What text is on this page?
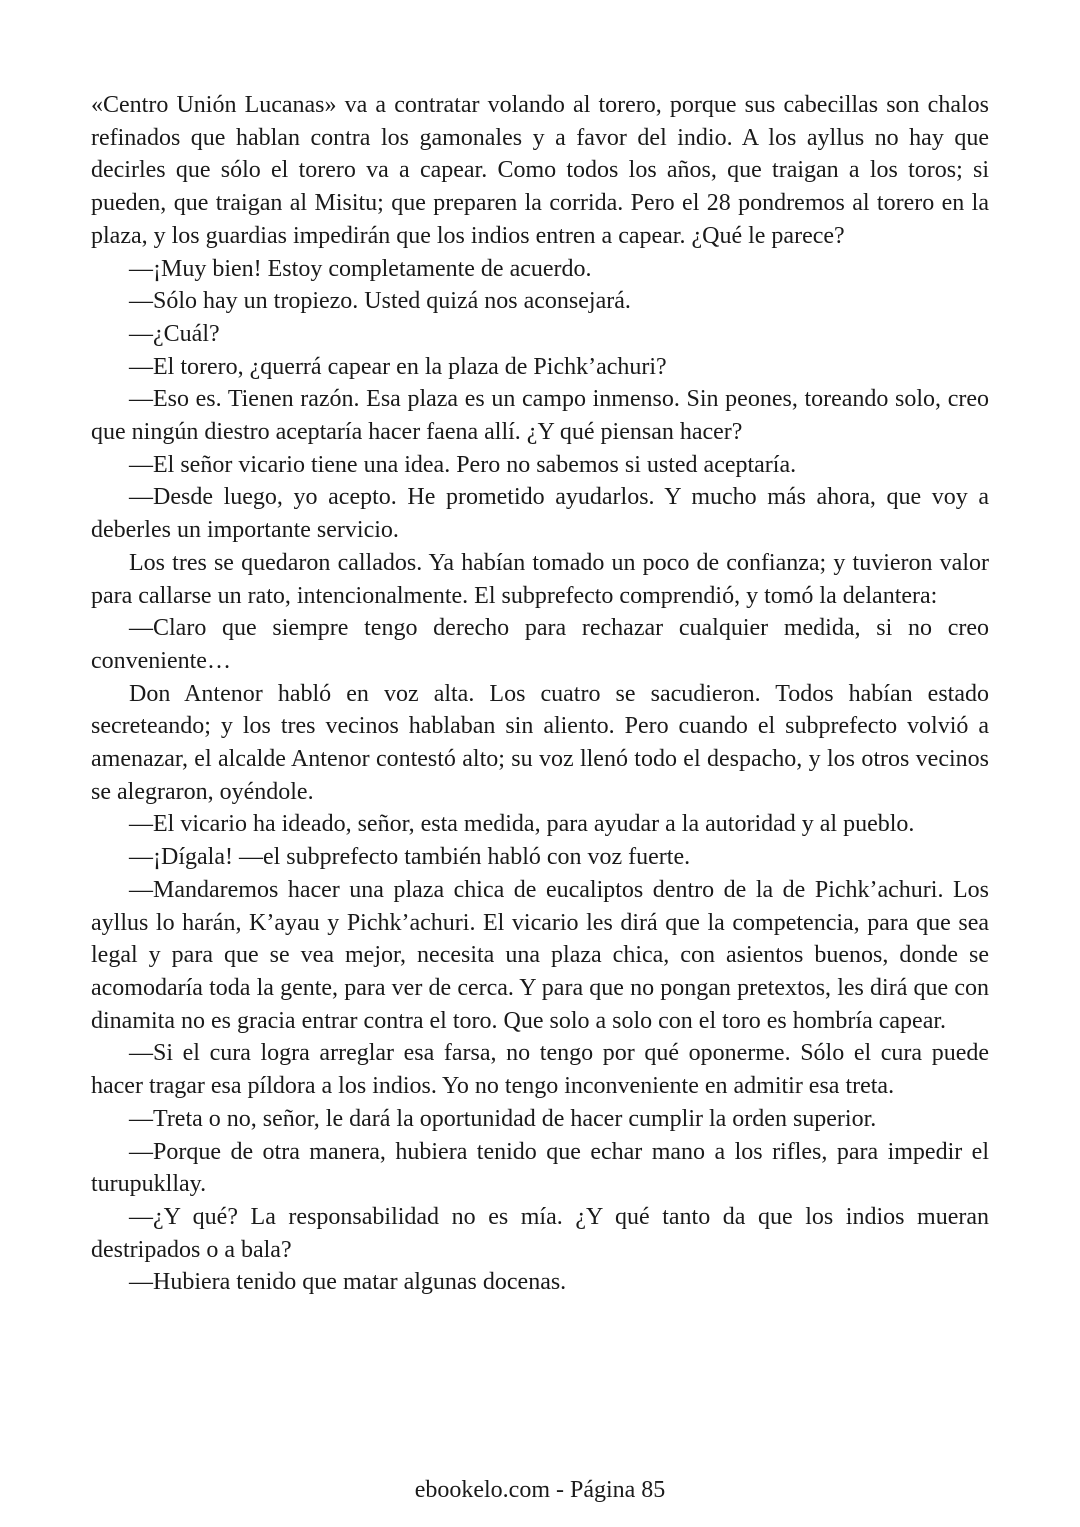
«Centro Unión Lucanas» va a contratar volando al torero, porque sus cabecillas son chalos refinados que hablan contra los gamonales y a favor del indio. A los ayllus no hay que decirles que sólo el torero va a capear. Como todos los años, que traigan a los toros; si pueden, que traigan al Misitu; que preparen la corrida. Pero el 28 pondremos al torero en la plaza, y los guardias impedirán que los indios entren a capear. ¿Qué le parece?

—¡Muy bien! Estoy completamente de acuerdo.

—Sólo hay un tropiezo. Usted quizá nos aconsejará.

—¿Cuál?

—El torero, ¿querrá capear en la plaza de Pichk’achuri?

—Eso es. Tienen razón. Esa plaza es un campo inmenso. Sin peones, toreando solo, creo que ningún diestro aceptaría hacer faena allí. ¿Y qué piensan hacer?

—El señor vicario tiene una idea. Pero no sabemos si usted aceptaría.

—Desde luego, yo acepto. He prometido ayudarlos. Y mucho más ahora, que voy a deberles un importante servicio.

Los tres se quedaron callados. Ya habían tomado un poco de confianza; y tuvieron valor para callarse un rato, intencionalmente. El subprefecto comprendió, y tomó la delantera:

—Claro que siempre tengo derecho para rechazar cualquier medida, si no creo conveniente…

Don Antenor habló en voz alta. Los cuatro se sacudieron. Todos habían estado secreteando; y los tres vecinos hablaban sin aliento. Pero cuando el subprefecto volvió a amenazar, el alcalde Antenor contestó alto; su voz llenó todo el despacho, y los otros vecinos se alegraron, oyéndole.

—El vicario ha ideado, señor, esta medida, para ayudar a la autoridad y al pueblo.

—¡Dígala! —el subprefecto también habló con voz fuerte.

—Mandaremos hacer una plaza chica de eucaliptos dentro de la de Pichk’achuri. Los ayllus lo harán, K’ayau y Pichk’achuri. El vicario les dirá que la competencia, para que sea legal y para que se vea mejor, necesita una plaza chica, con asientos buenos, donde se acomodaría toda la gente, para ver de cerca. Y para que no pongan pretextos, les dirá que con dinamita no es gracia entrar contra el toro. Que solo a solo con el toro es hombría capear.

—Si el cura logra arreglar esa farsa, no tengo por qué oponerme. Sólo el cura puede hacer tragar esa píldora a los indios. Yo no tengo inconveniente en admitir esa treta.

—Treta o no, señor, le dará la oportunidad de hacer cumplir la orden superior.

—Porque de otra manera, hubiera tenido que echar mano a los rifles, para impedir el turupukllay.

—¿Y qué? La responsabilidad no es mía. ¿Y qué tanto da que los indios mueran destripados o a bala?

—Hubiera tenido que matar algunas docenas.

ebookelo.com - Página 85
